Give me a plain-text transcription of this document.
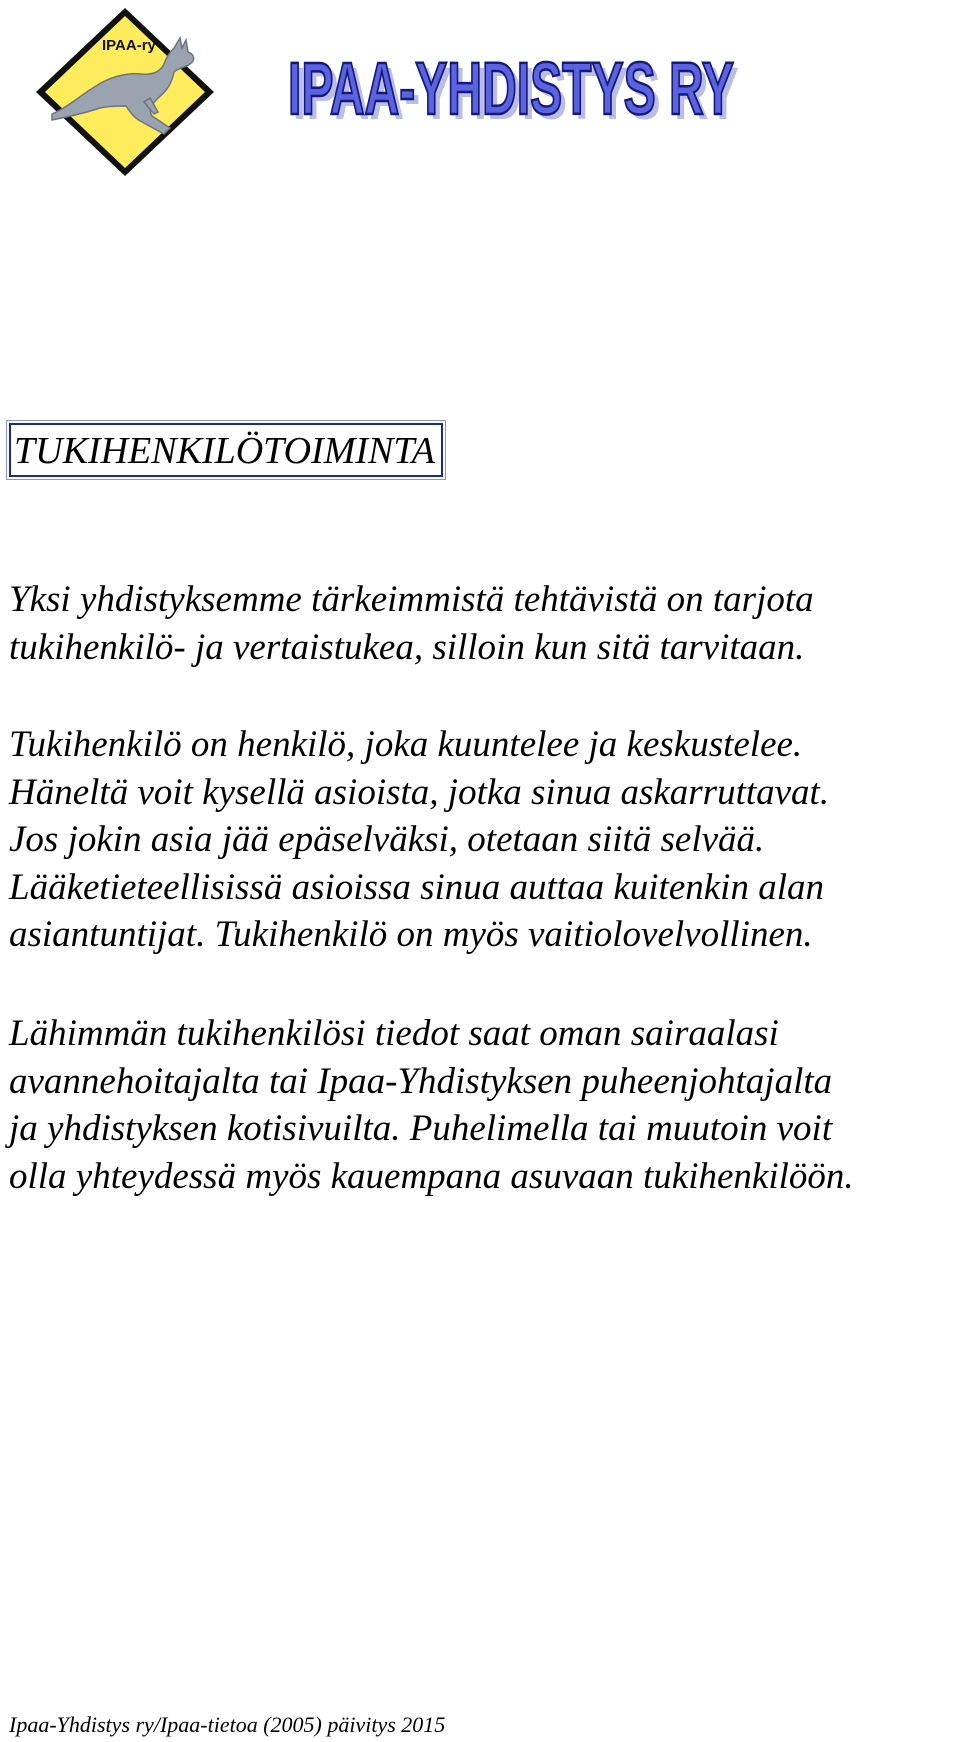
IPAA-ry
IPAA-YHDISTYS RY
IPAA-YHDISTYS RY
TUKIHENKILÖTOIMINTA

Yksi yhdistyksemme tärkeimmistä tehtävistä on tarjota
tukihenkilö- ja vertaistukea, silloin kun sitä tarvitaan.

Tukihenkilö on henkilö, joka kuuntelee ja keskustelee.
Häneltä voit kysellä asioista, jotka sinua askarruttavat.
Jos jokin asia jää epäselväksi, otetaan siitä selvää.
Lääketieteellisissä asioissa sinua auttaa kuitenkin alan
asiantuntijat. Tukihenkilö on myös vaitiolovelvollinen.

Lähimmän tukihenkilösi tiedot saat oman sairaalasi
avannehoitajalta tai Ipaa-Yhdistyksen puheenjohtajalta
ja yhdistyksen kotisivuilta. Puhelimella tai muutoin voit
olla yhteydessä myös kauempana asuvaan tukihenkilöön.

Ipaa-Yhdistys ry/Ipaa-tietoa (2005) päivitys 2015
